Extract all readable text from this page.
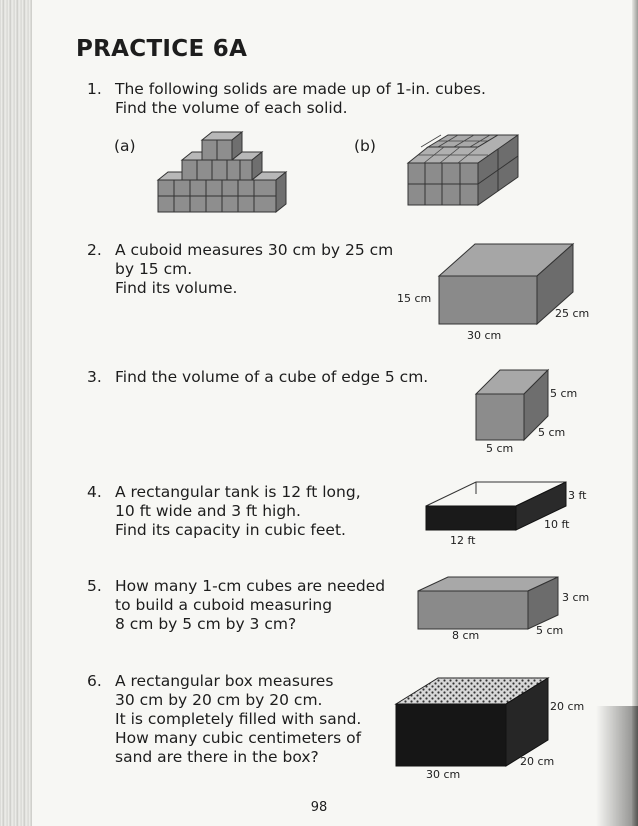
PRACTICE 6A
1. The following solids are made up of 1-in. cubes.
Find the volume of each solid.
(a)	(b)
2. A cuboid measures 30 cm by 25 cm
by 15 cm.
Find its volume.
15 cm
30 cm
25 cm
3. Find the volume of a cube of edge 5 cm.
5 cm
5 cm
5 cm
4. A rectangular tank is 12 ft long,
10 ft wide and 3 ft high.
Find its capacity in cubic feet.
3 ft
10 ft
12 ft
5. How many 1-cm cubes are needed
to build a cuboid measuring
8 cm by 5 cm by 3 cm?
3 cm
5 cm
8 cm
6. A rectangular box measures
30 cm by 20 cm by 20 cm.
It is completely filled with sand.
How many cubic centimeters of
sand are there in the box?
20 cm
20 cm
30 cm
98
